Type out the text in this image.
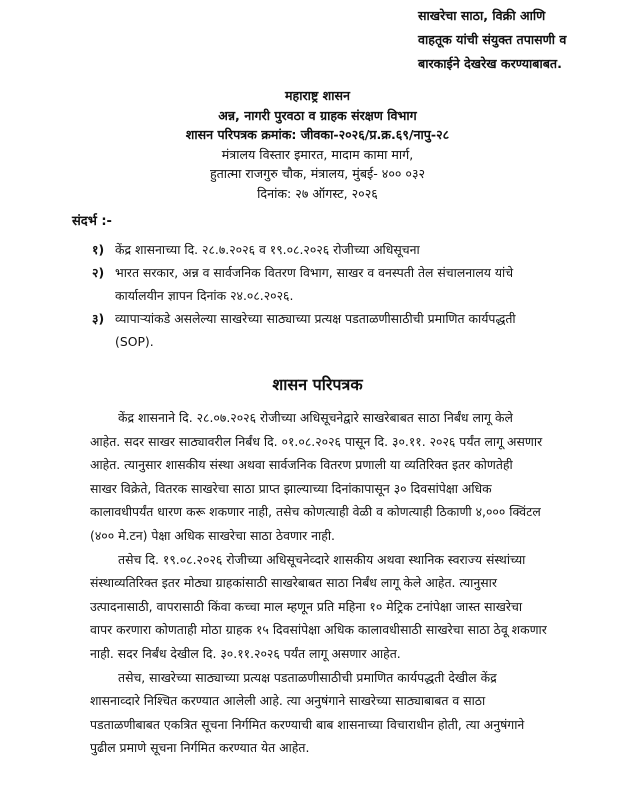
साखरेचा साठा, विक्री आणि
वाहतूक यांची संयुक्त तपासणी व
बारकाईने देखरेख करण्याबाबत.
महाराष्ट्र शासन
अन्न, नागरी पुरवठा व ग्राहक संरक्षण विभाग
शासन परिपत्रक क्रमांक: जीवका-२०२६/प्र.क्र.६९/नापु-२८
मंत्रालय विस्तार इमारत, मादाम कामा मार्ग,
हुतात्मा राजगुरु चौक, मंत्रालय, मुंबई- ४०० ०३२
दिनांक: २७ ऑगस्ट, २०२६
संदर्भ :-
१) केंद्र शासनाच्या दि. २८.७.२०२६ व १९.०८.२०२६ रोजीच्या अधिसूचना
२) भारत सरकार, अन्न व सार्वजनिक वितरण विभाग, साखर व वनस्पती तेल संचालनालय यांचे
कार्यालयीन ज्ञापन दिनांक २४.०८.२०२६.
३) व्यापाऱ्यांकडे असलेल्या साखरेच्या साठ्याच्या प्रत्यक्ष पडताळणीसाठीची प्रमाणित कार्यपद्धती
(SOP).
शासन परिपत्रक
केंद्र शासनाने दि. २८.०७.२०२६ रोजीच्या अधिसूचनेद्वारे साखरेबाबत साठा निर्बंध लागू केले
आहेत. सदर साखर साठ्यावरील निर्बंध दि. ०१.०८.२०२६ पासून दि. ३०.११. २०२६ पर्यंत लागू असणार
आहेत. त्यानुसार शासकीय संस्था अथवा सार्वजनिक वितरण प्रणाली या व्यतिरिक्त इतर कोणतेही
साखर विक्रेते, वितरक साखरेचा साठा प्राप्त झाल्याच्या दिनांकापासून ३० दिवसांपेक्षा अधिक
कालावधीपर्यंत धारण करू शकणार नाही, तसेच कोणत्याही वेळी व कोणत्याही ठिकाणी ४,००० क्विंटल
(४०० मे.टन) पेक्षा अधिक साखरेचा साठा ठेवणार नाही.
तसेच दि. १९.०८.२०२६ रोजीच्या अधिसूचनेव्दारे शासकीय अथवा स्थानिक स्वराज्य संस्थांच्या
संस्थाव्यतिरिक्त इतर मोठ्या ग्राहकांसाठी साखरेबाबत साठा निर्बंध लागू केले आहेत. त्यानुसार
उत्पादनासाठी, वापरासाठी किंवा कच्चा माल म्हणून प्रति महिना १० मेट्रिक टनांपेक्षा जास्त साखरेचा
वापर करणारा कोणताही मोठा ग्राहक १५ दिवसांपेक्षा अधिक कालावधीसाठी साखरेचा साठा ठेवू शकणार
नाही. सदर निर्बंध देखील दि. ३०.११.२०२६ पर्यंत लागू असणार आहेत.
तसेच, साखरेच्या साठ्याच्या प्रत्यक्ष पडताळणीसाठीची प्रमाणित कार्यपद्धती देखील केंद्र
शासनाव्दारे निश्चित करण्यात आलेली आहे. त्या अनुषंगाने साखरेच्या साठ्याबाबत व साठा
पडताळणीबाबत एकत्रित सूचना निर्गमित करण्याची बाब शासनाच्या विचाराधीन होती, त्या अनुषंगाने
पुढील प्रमाणे सूचना निर्गमित करण्यात येत आहेत.
